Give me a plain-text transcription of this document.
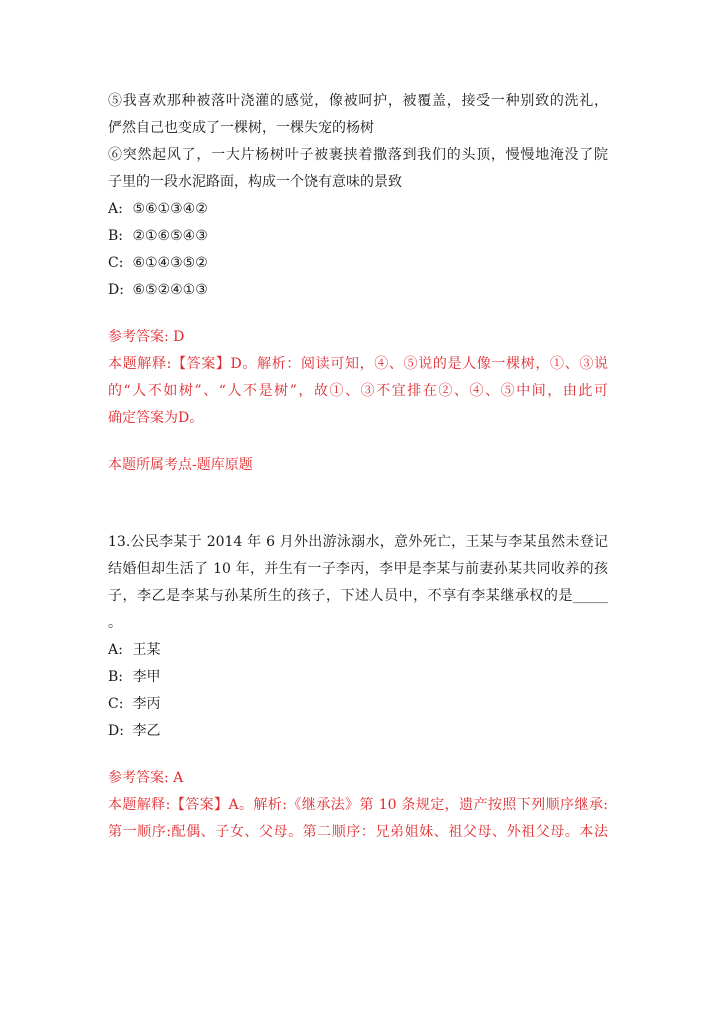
⑤我喜欢那种被落叶浇灌的感觉，像被呵护，被覆盖，接受一种别致的洗礼，
俨然自己也变成了一棵树，一棵失宠的杨树
⑥突然起风了，一大片杨树叶子被裹挟着撒落到我们的头顶，慢慢地淹没了院
子里的一段水泥路面，构成一个饶有意味的景致
A: ⑤⑥①③④②
B: ②①⑥⑤④③
C: ⑥①④③⑤②
D: ⑥⑤②④①③
参考答案: D
本题解释:【答案】D。解析：阅读可知，④、⑤说的是人像一棵树，①、③说
的“人不如树”、“人不是树”，故①、③不宜排在②、④、⑤中间，由此可
确定答案为D。
本题所属考点-题库原题
13.公民李某于 2014 年 6 月外出游泳溺水，意外死亡，王某与李某虽然未登记
结婚但却生活了 10 年，并生有一子李丙，李甲是李某与前妻孙某共同收养的孩
子，李乙是李某与孙某所生的孩子，下述人员中，不享有李某继承权的是_____
。
A: 王某
B: 李甲
C: 李丙
D: 李乙
参考答案: A
本题解释:【答案】A。解析:《继承法》第 10 条规定，遗产按照下列顺序继承:
第一顺序:配偶、子女、父母。第二顺序：兄弟姐妹、祖父母、外祖父母。本法
